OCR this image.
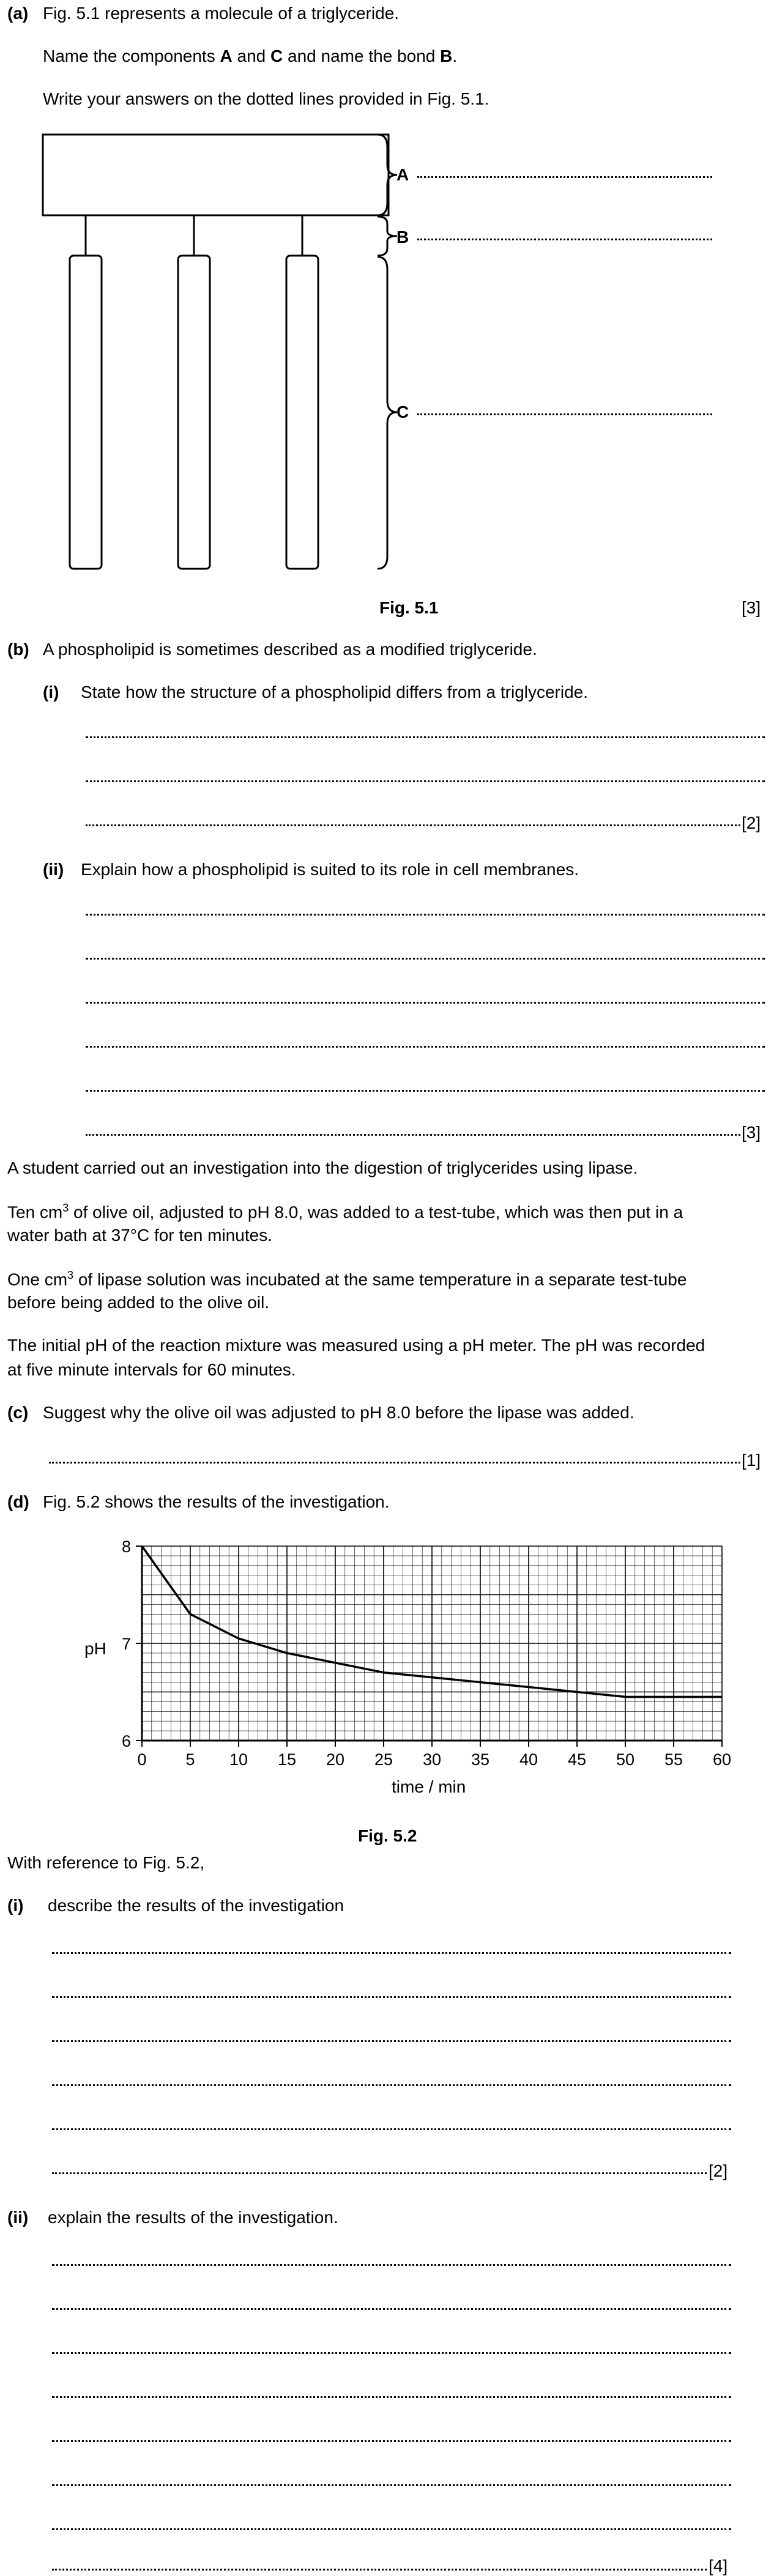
(a) Fig. 5.1 represents a molecule of a triglyceride.
Name the components A and C and name the bond B.
Write your answers on the dotted lines provided in Fig. 5.1.
A
B
C
Fig. 5.1	[3]
(b) A phospholipid is sometimes described as a modified triglyceride.
(i) State how the structure of a phospholipid differs from a triglyceride.
[2]
(ii) Explain how a phospholipid is suited to its role in cell membranes.
[3]
A student carried out an investigation into the digestion of triglycerides using lipase.
Ten $cm^3$ of olive oil, adjusted to pH 8.0, was added to a test-tube, which was then put in a
water bath at 37°C for ten minutes.
One $cm^3$ of lipase solution was incubated at the same temperature in a separate test-tube
before being added to the olive oil.
The initial pH of the reaction mixture was measured using a pH meter. The pH was recorded
at five minute intervals for 60 minutes.
(c) Suggest why the olive oil was adjusted to pH 8.0 before the lipase was added.
[1]
(d) Fig. 5.2 shows the results of the investigation.
0 5 10 15 20 25 30 35 40 45 50 55 60
6
7
8
pH
time / min
Fig. 5.2
With reference to Fig. 5.2,
(i) describe the results of the investigation
[2]
(ii) explain the results of the investigation.
[4]
